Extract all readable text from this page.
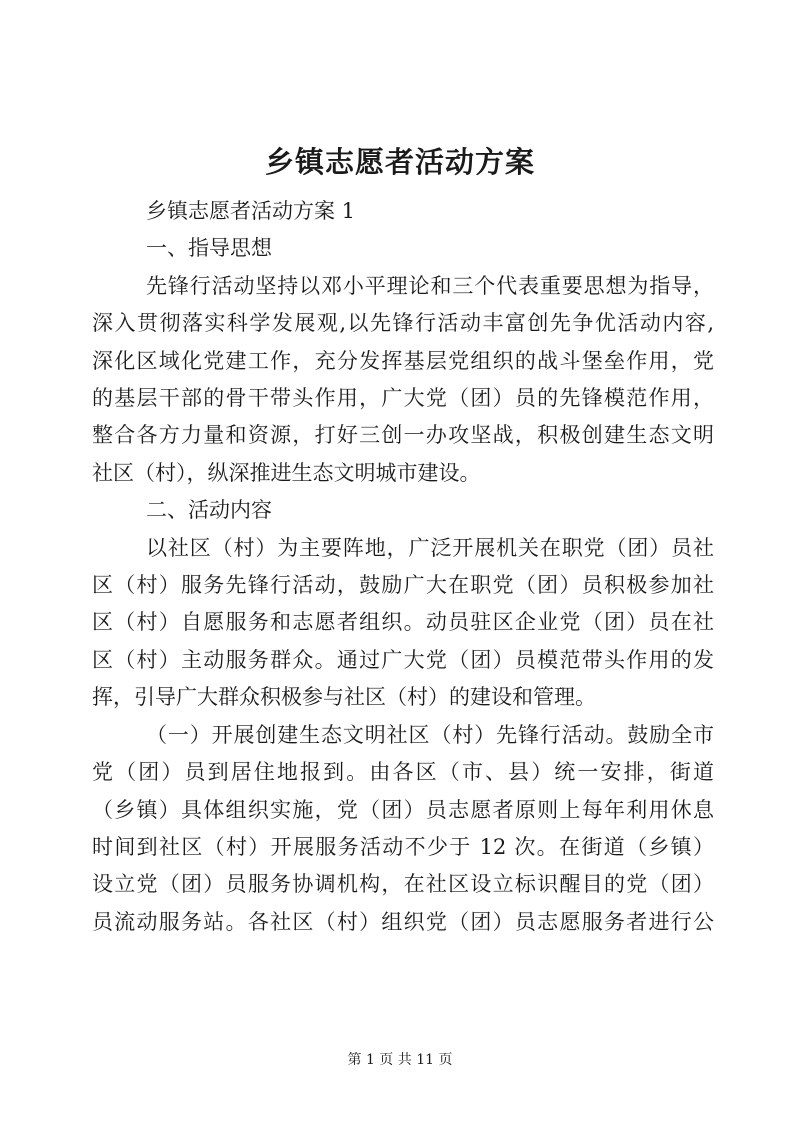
乡镇志愿者活动方案

乡镇志愿者活动方案 1

一、指导思想

先锋行活动坚持以邓小平理论和三个代表重要思想为指导，

深入贯彻落实科学发展观,以先锋行活动丰富创先争优活动内容,

深化区域化党建工作，充分发挥基层党组织的战斗堡垒作用，党

的基层干部的骨干带头作用，广大党（团）员的先锋模范作用，

整合各方力量和资源，打好三创一办攻坚战，积极创建生态文明

社区（村），纵深推进生态文明城市建设。

二、活动内容

以社区（村）为主要阵地，广泛开展机关在职党（团）员社

区（村）服务先锋行活动，鼓励广大在职党（团）员积极参加社

区（村）自愿服务和志愿者组织。动员驻区企业党（团）员在社

区（村）主动服务群众。通过广大党（团）员模范带头作用的发

挥，引导广大群众积极参与社区（村）的建设和管理。

（一）开展创建生态文明社区（村）先锋行活动。鼓励全市

党（团）员到居住地报到。由各区（市、县）统一安排，街道

（乡镇）具体组织实施，党（团）员志愿者原则上每年利用休息

时间到社区（村）开展服务活动不少于 12 次。在街道（乡镇）

设立党（团）员服务协调机构，在社区设立标识醒目的党（团）

员流动服务站。各社区（村）组织党（团）员志愿服务者进行公

第 1 页 共 11 页
